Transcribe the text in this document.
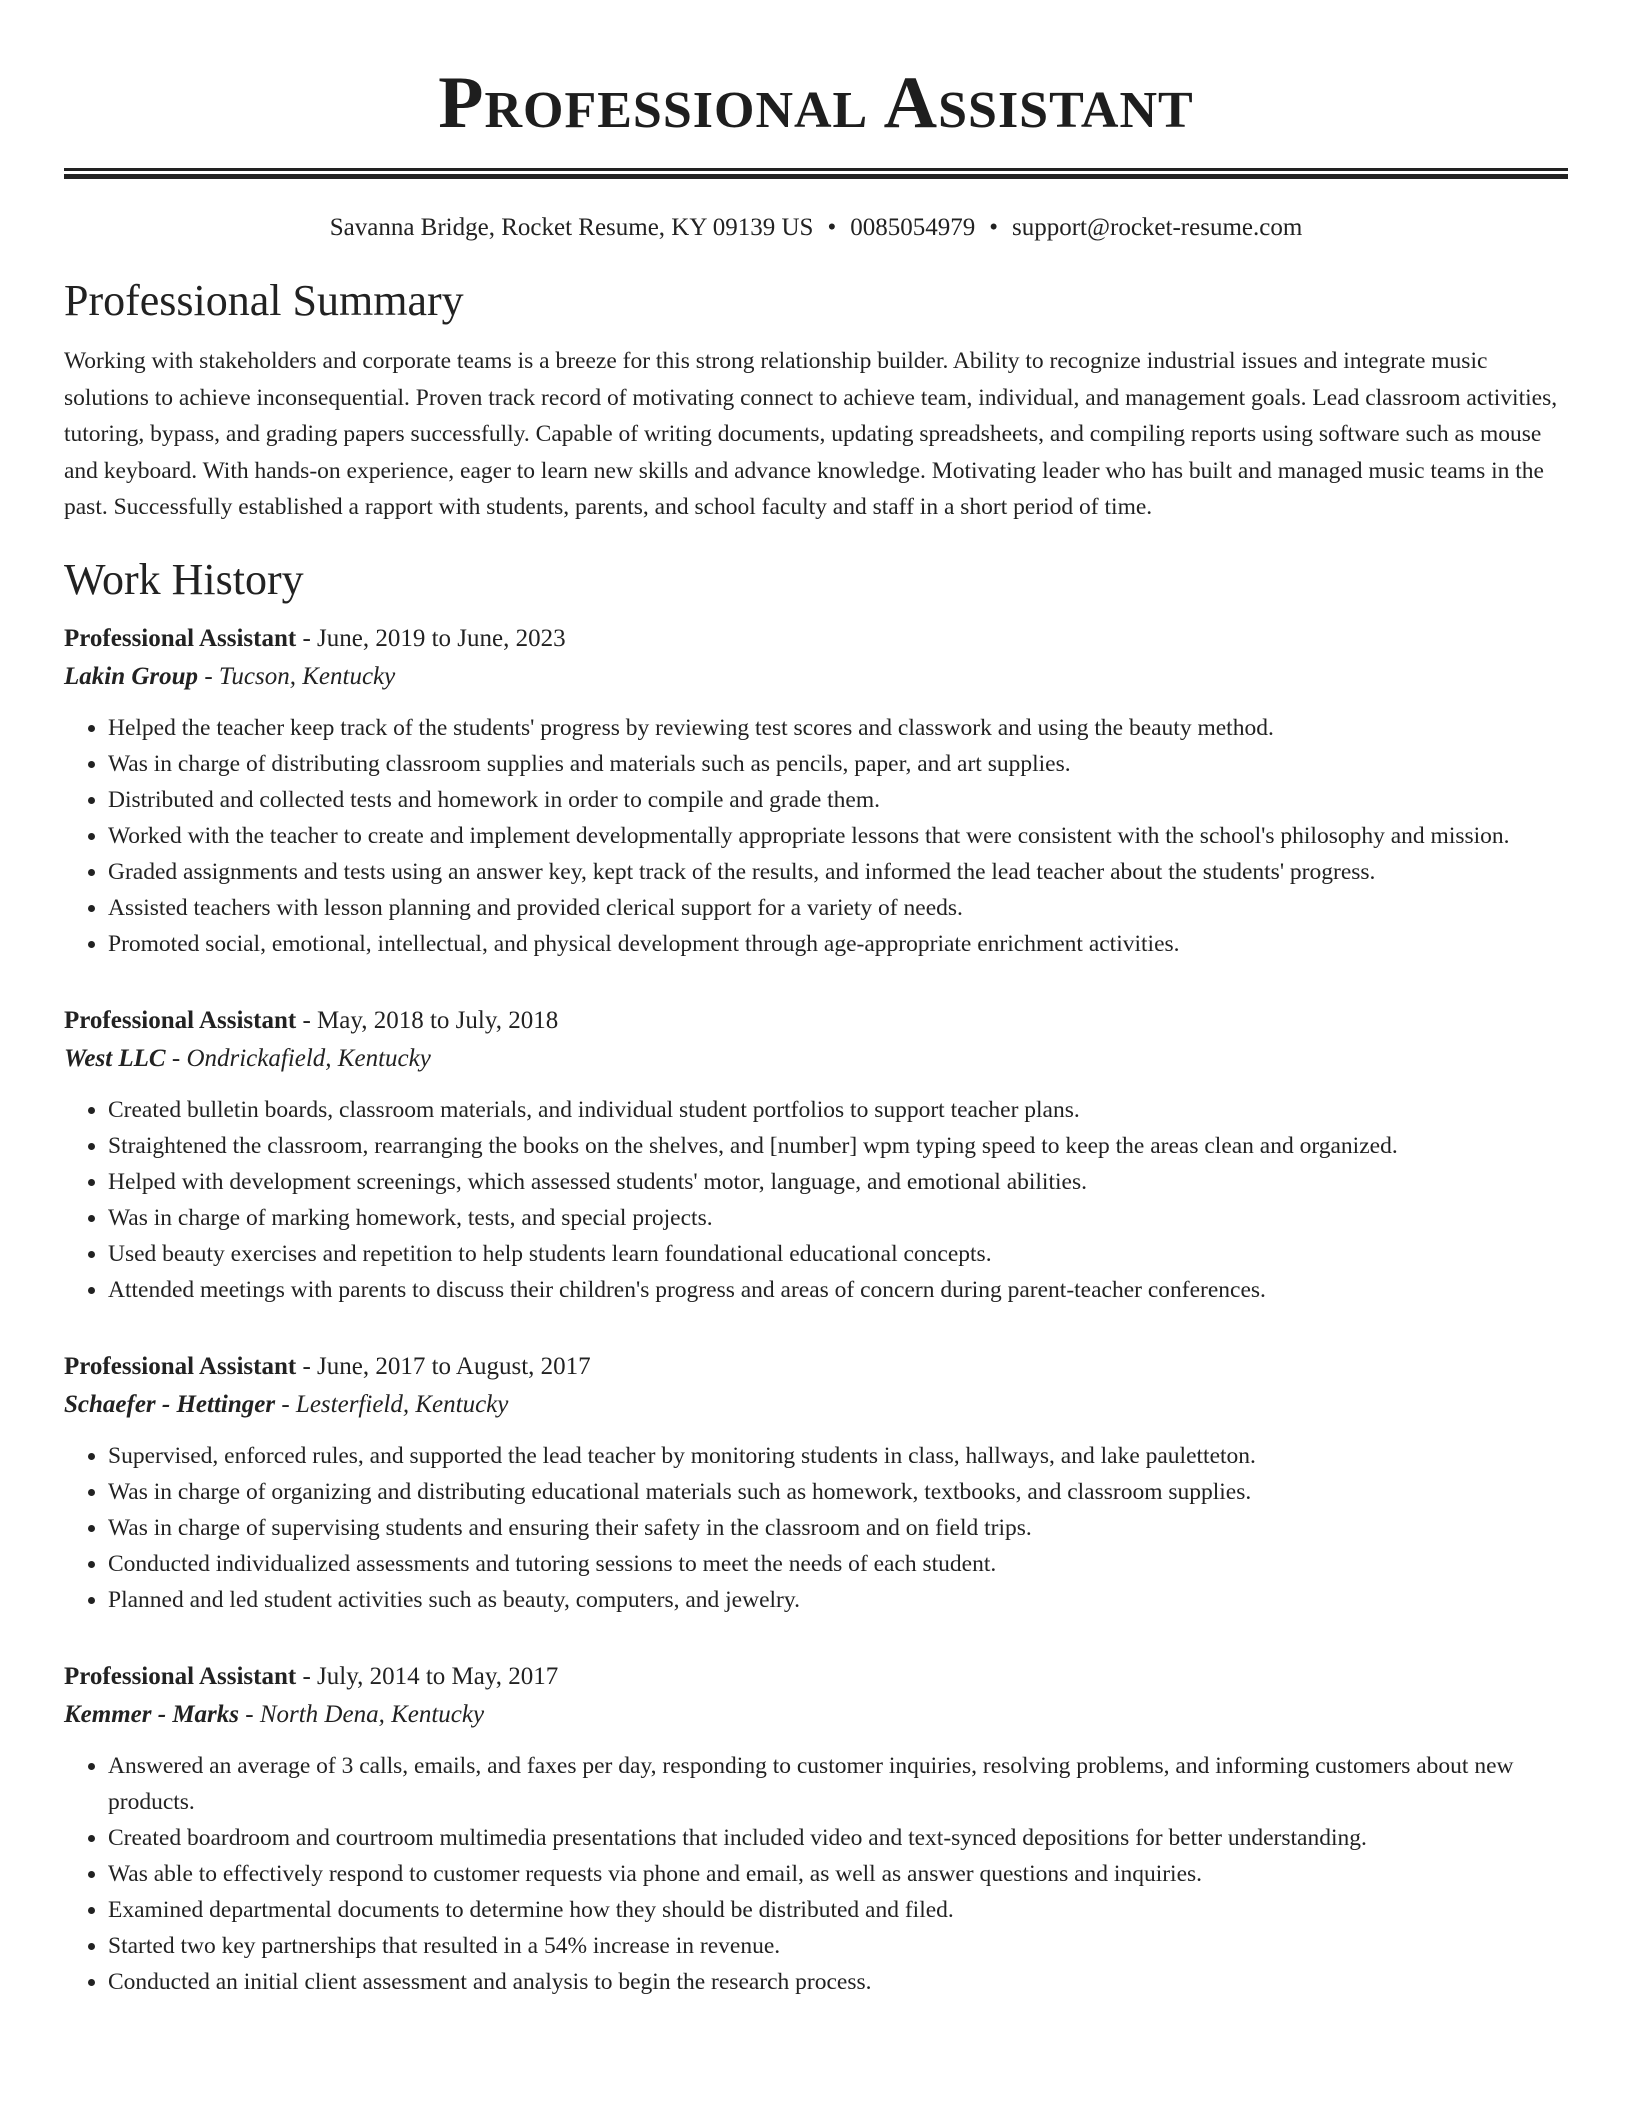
Professional Assistant
Savanna Bridge, Rocket Resume, KY 09139 US • 0085054979 • support@rocket-resume.com
Professional Summary

Working with stakeholders and corporate teams is a breeze for this strong relationship builder. Ability to recognize industrial issues and integrate music solutions to achieve inconsequential. Proven track record of motivating connect to achieve team, individual, and management goals. Lead classroom activities, tutoring, bypass, and grading papers successfully. Capable of writing documents, updating spreadsheets, and compiling reports using software such as mouse and keyboard. With hands-on experience, eager to learn new skills and advance knowledge. Motivating leader who has built and managed music teams in the past. Successfully established a rapport with students, parents, and school faculty and staff in a short period of time.

Work History
Professional Assistant - June, 2019 to June, 2023
Lakin Group - Tucson, Kentucky
• Helped the teacher keep track of the students' progress by reviewing test scores and classwork and using the beauty method.
• Was in charge of distributing classroom supplies and materials such as pencils, paper, and art supplies.
• Distributed and collected tests and homework in order to compile and grade them.
• Worked with the teacher to create and implement developmentally appropriate lessons that were consistent with the school's philosophy and mission.
• Graded assignments and tests using an answer key, kept track of the results, and informed the lead teacher about the students' progress.
• Assisted teachers with lesson planning and provided clerical support for a variety of needs.
• Promoted social, emotional, intellectual, and physical development through age-appropriate enrichment activities.
Professional Assistant - May, 2018 to July, 2018
West LLC - Ondrickafield, Kentucky
• Created bulletin boards, classroom materials, and individual student portfolios to support teacher plans.
• Straightened the classroom, rearranging the books on the shelves, and [number] wpm typing speed to keep the areas clean and organized.
• Helped with development screenings, which assessed students' motor, language, and emotional abilities.
• Was in charge of marking homework, tests, and special projects.
• Used beauty exercises and repetition to help students learn foundational educational concepts.
• Attended meetings with parents to discuss their children's progress and areas of concern during parent-teacher conferences.
Professional Assistant - June, 2017 to August, 2017
Schaefer - Hettinger - Lesterfield, Kentucky
• Supervised, enforced rules, and supported the lead teacher by monitoring students in class, hallways, and lake pauletteton.
• Was in charge of organizing and distributing educational materials such as homework, textbooks, and classroom supplies.
• Was in charge of supervising students and ensuring their safety in the classroom and on field trips.
• Conducted individualized assessments and tutoring sessions to meet the needs of each student.
• Planned and led student activities such as beauty, computers, and jewelry.
Professional Assistant - July, 2014 to May, 2017
Kemmer - Marks - North Dena, Kentucky
• Answered an average of 3 calls, emails, and faxes per day, responding to customer inquiries, resolving problems, and informing customers about new products.
• Created boardroom and courtroom multimedia presentations that included video and text-synced depositions for better understanding.
• Was able to effectively respond to customer requests via phone and email, as well as answer questions and inquiries.
• Examined departmental documents to determine how they should be distributed and filed.
• Started two key partnerships that resulted in a 54% increase in revenue.
• Conducted an initial client assessment and analysis to begin the research process.
